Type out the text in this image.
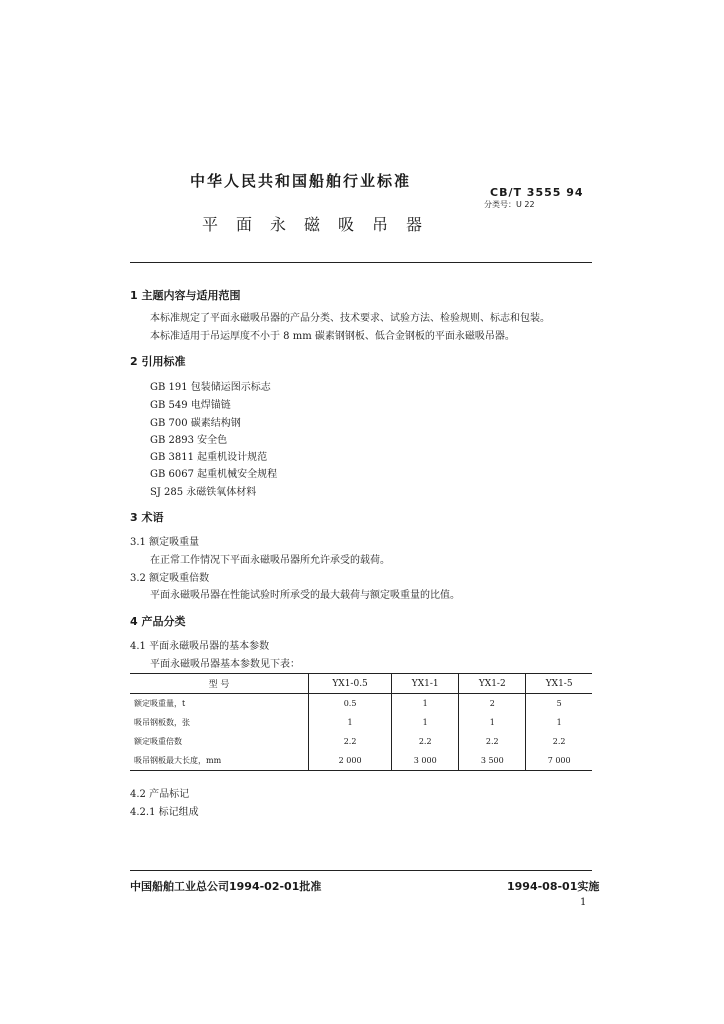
中华人民共和国船舶行业标准
平面永磁吸吊器
CB/T 3555 94
分类号：U 22
1 主题内容与适用范围
本标准规定了平面永磁吸吊器的产品分类、技术要求、试验方法、检验规则、标志和包装。
本标准适用于吊运厚度不小于 8 mm 碳素钢钢板、低合金钢板的平面永磁吸吊器。
2 引用标准
GB 191 包装储运图示标志
GB 549 电焊锚链
GB 700 碳素结构钢
GB 2893 安全色
GB 3811 起重机设计规范
GB 6067 起重机械安全规程
SJ 285 永磁铁氧体材料
3 术语
3.1 额定吸重量
在正常工作情况下平面永磁吸吊器所允许承受的载荷。
3.2 额定吸重倍数
平面永磁吸吊器在性能试验时所承受的最大载荷与额定吸重量的比值。
4 产品分类
4.1 平面永磁吸吊器的基本参数
平面永磁吸吊器基本参数见下表：
型 号	YX1-0.5	YX1-1	YX1-2	YX1-5
额定吸重量，t	0.5	1	2	5
吸吊钢板数，张	1	1	1	1
额定吸重倍数	2.2	2.2	2.2	2.2
吸吊钢板最大长度，mm	2 000	3 000	3 500	7 000
4.2 产品标记
4.2.1 标记组成
中国船舶工业总公司1994-02-01批准	1994-08-01实施
1
